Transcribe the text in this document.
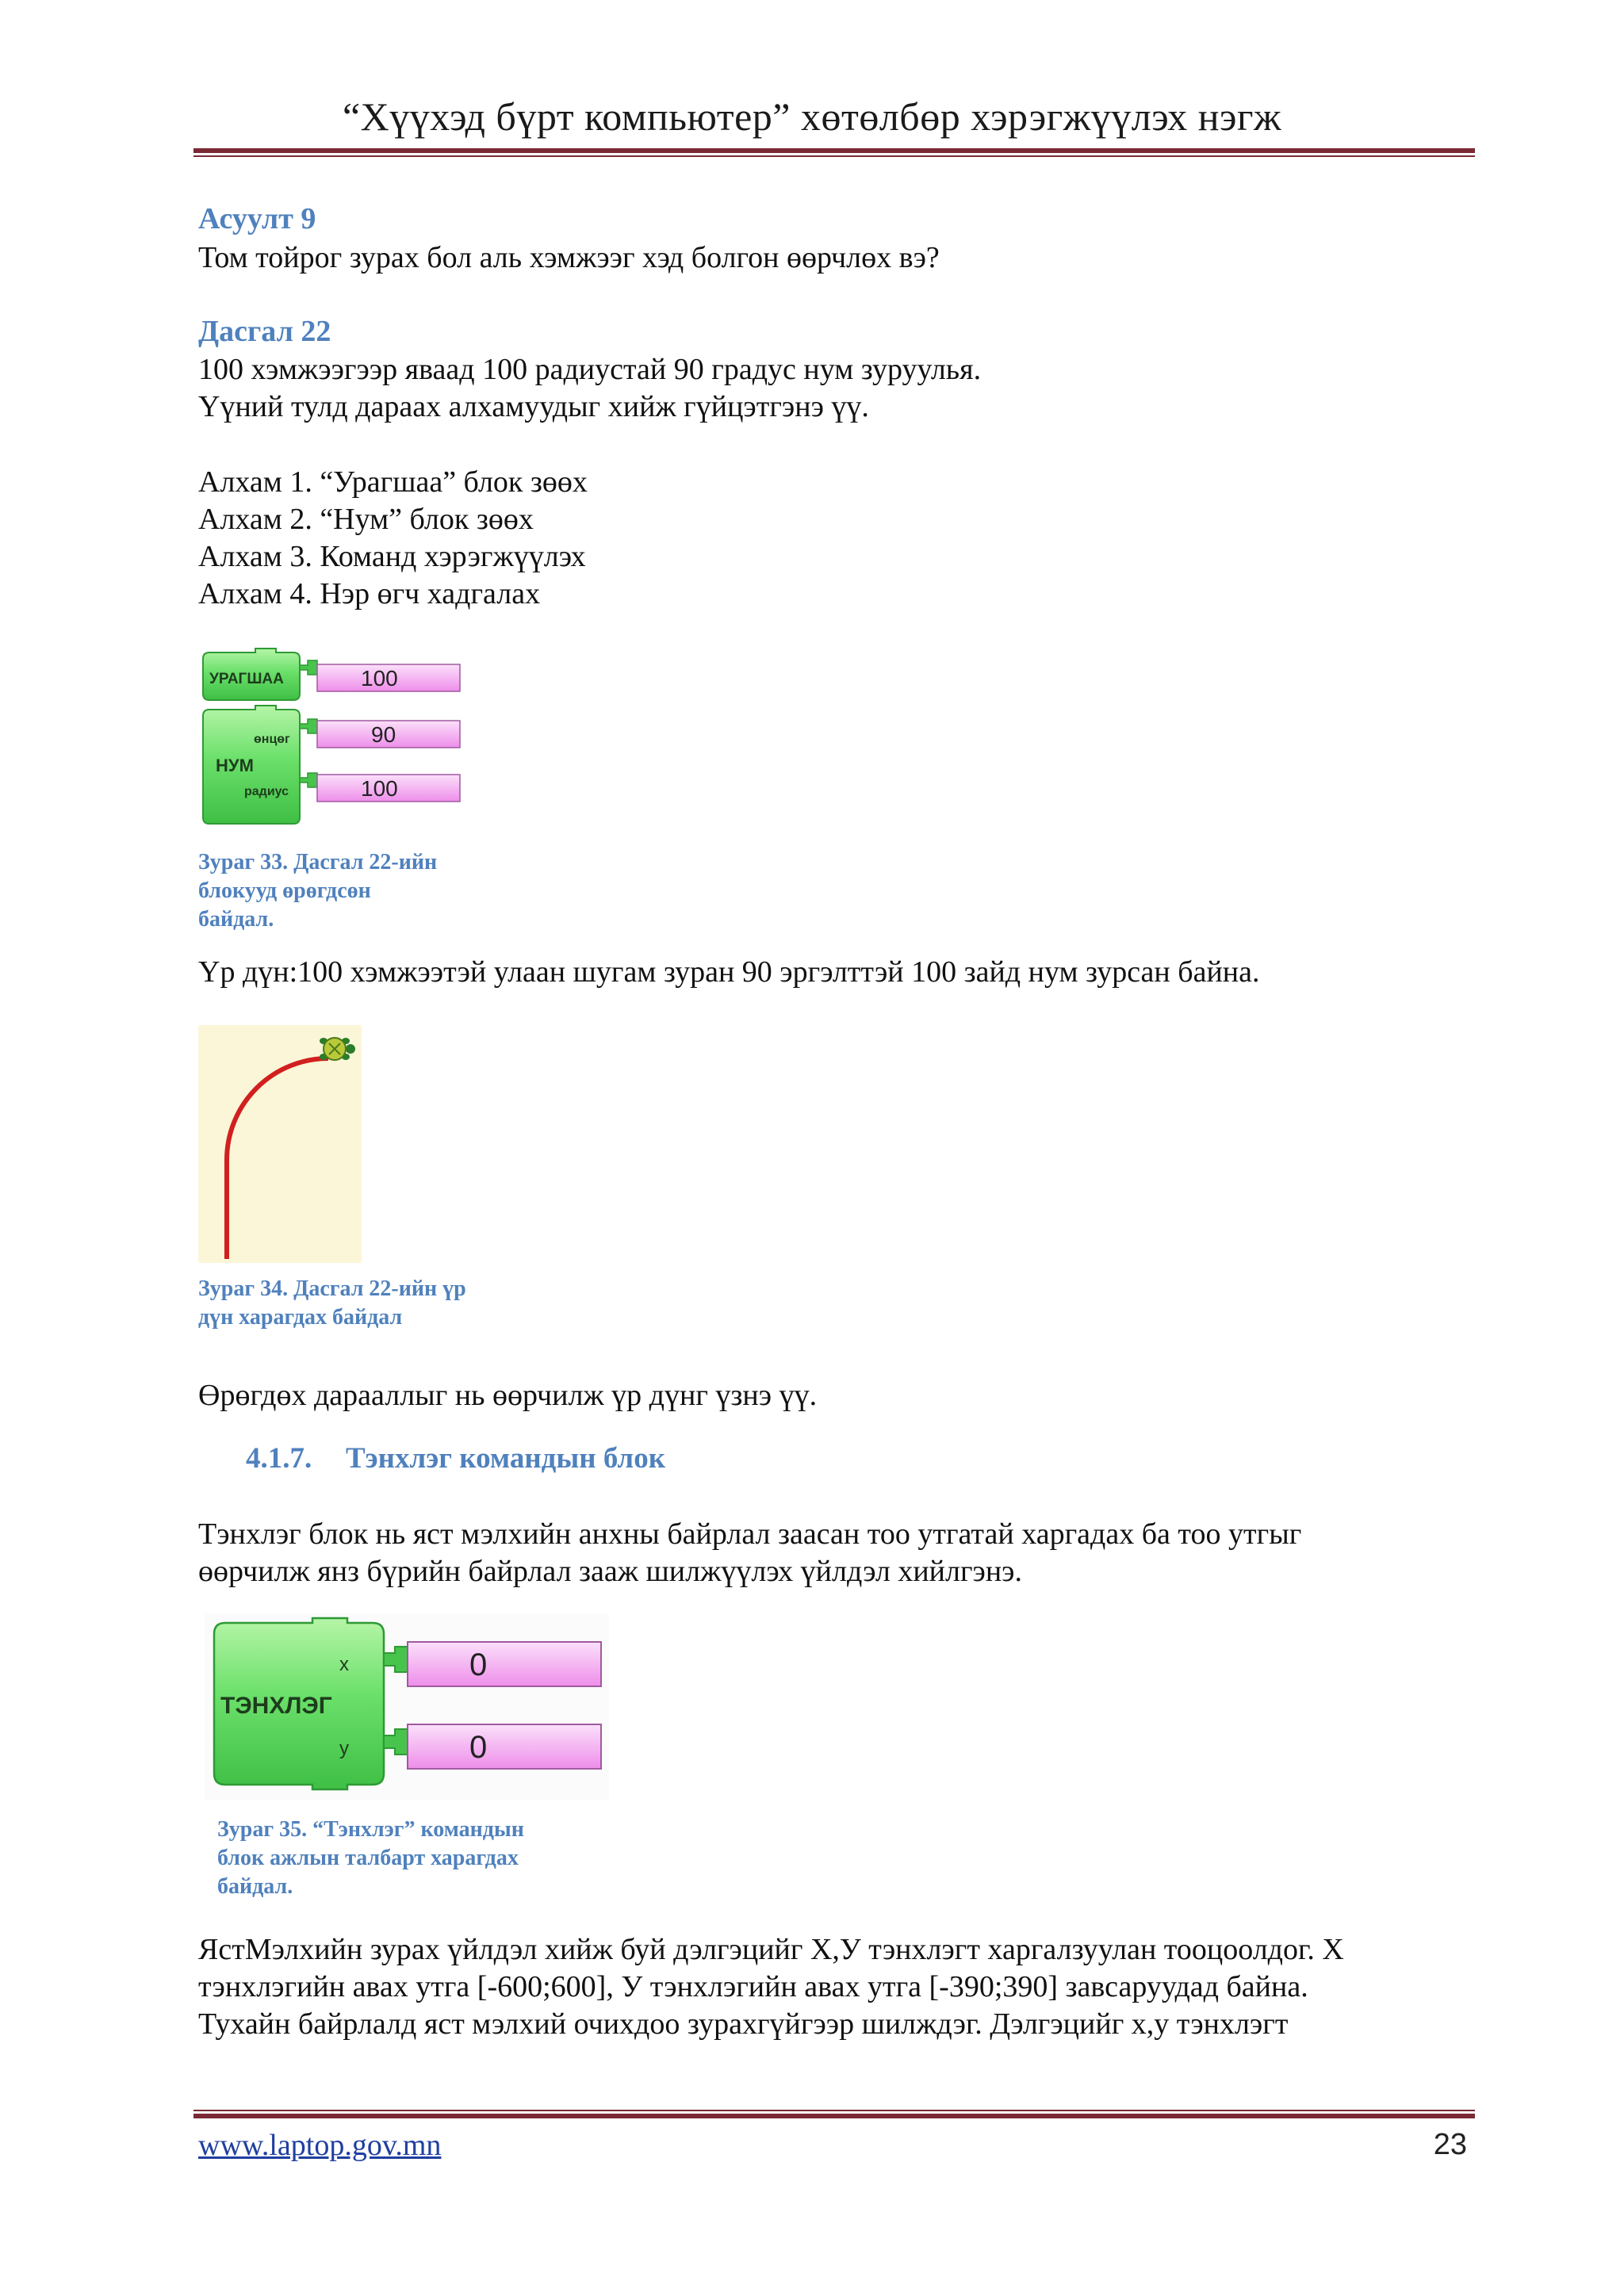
“Хүүхэд бүрт компьютер” хөтөлбөр хэрэгжүүлэх нэгж
Асуулт 9
Том тойрог зурах бол аль хэмжээг хэд болгон өөрчлөх вэ?
Дасгал 22
100 хэмжээгээр яваад 100 радиустай 90 градус нум зуруулья.
Үүний тулд дараах алхамуудыг хийж гүйцэтгэнэ үү.
Алхам 1. “Урагшаа” блок зөөх
Алхам 2. “Нум” блок зөөх
Алхам 3. Команд хэрэгжүүлэх
Алхам 4. Нэр өгч хадгалах
УРАГШАА	100
өнцөг
НУМ
радиус
90
100
Зураг 33. Дасгал 22-ийн
блокууд өрөгдсөн
байдал.
Үр дүн:100 хэмжээтэй улаан шугам зуран 90 эргэлттэй 100 зайд нум зурсан байна.
Зураг 34. Дасгал 22-ийн үр
дүн харагдах байдал
Өрөгдөх дарааллыг нь өөрчилж үр дүнг үзнэ үү.
4.1.7. Тэнхлэг командын блок
Тэнхлэг блок нь яст мэлхийн анхны байрлал заасан тоо утгатай харгадах ба тоо утгыг
өөрчилж янз бүрийн байрлал зааж шилжүүлэх үйлдэл хийлгэнэ.
ТЭНХЛЭГ
x
y
0
0
Зураг 35. “Тэнхлэг” командын
блок ажлын талбарт харагдах
байдал.
ЯстМэлхийн зурах үйлдэл хийж буй дэлгэцийг Х,У тэнхлэгт харгалзуулан тооцоолдог. Х
тэнхлэгийн авах утга [-600;600], У тэнхлэгийн авах утга [-390;390] завсаруудад байна.
Тухайн байрлалд яст мэлхий очихдоо зурахгүйгээр шилждэг. Дэлгэцийг х,у тэнхлэгт
www.laptop.gov.mn	23
